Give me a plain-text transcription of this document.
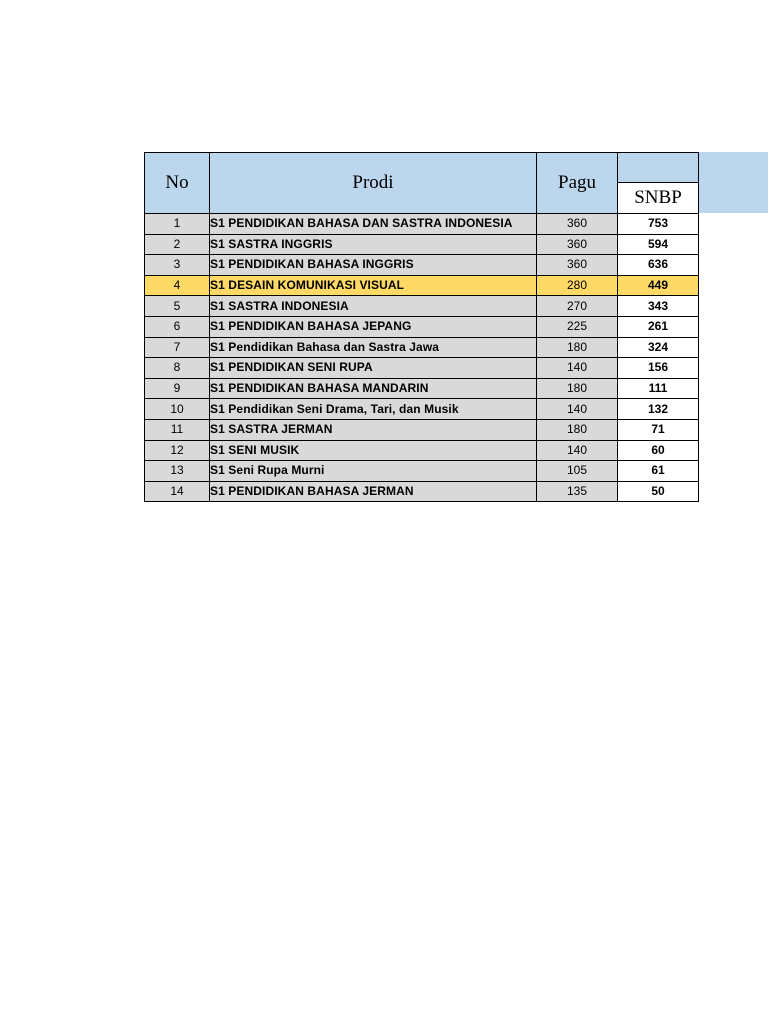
No	Prodi	Pagu	
			SNBP
1	S1 PENDIDIKAN BAHASA DAN SASTRA INDONESIA	360	753
2	S1 SASTRA INGGRIS	360	594
3	S1 PENDIDIKAN BAHASA INGGRIS	360	636
4	S1 DESAIN KOMUNIKASI VISUAL	280	449
5	S1 SASTRA INDONESIA	270	343
6	S1 PENDIDIKAN BAHASA JEPANG	225	261
7	S1 Pendidikan Bahasa dan Sastra Jawa	180	324
8	S1 PENDIDIKAN SENI RUPA	140	156
9	S1 PENDIDIKAN BAHASA MANDARIN	180	111
10	S1 Pendidikan Seni Drama, Tari, dan Musik	140	132
11	S1 SASTRA JERMAN	180	71
12	S1 SENI MUSIK	140	60
13	S1 Seni Rupa Murni	105	61
14	S1 PENDIDIKAN BAHASA JERMAN	135	50
